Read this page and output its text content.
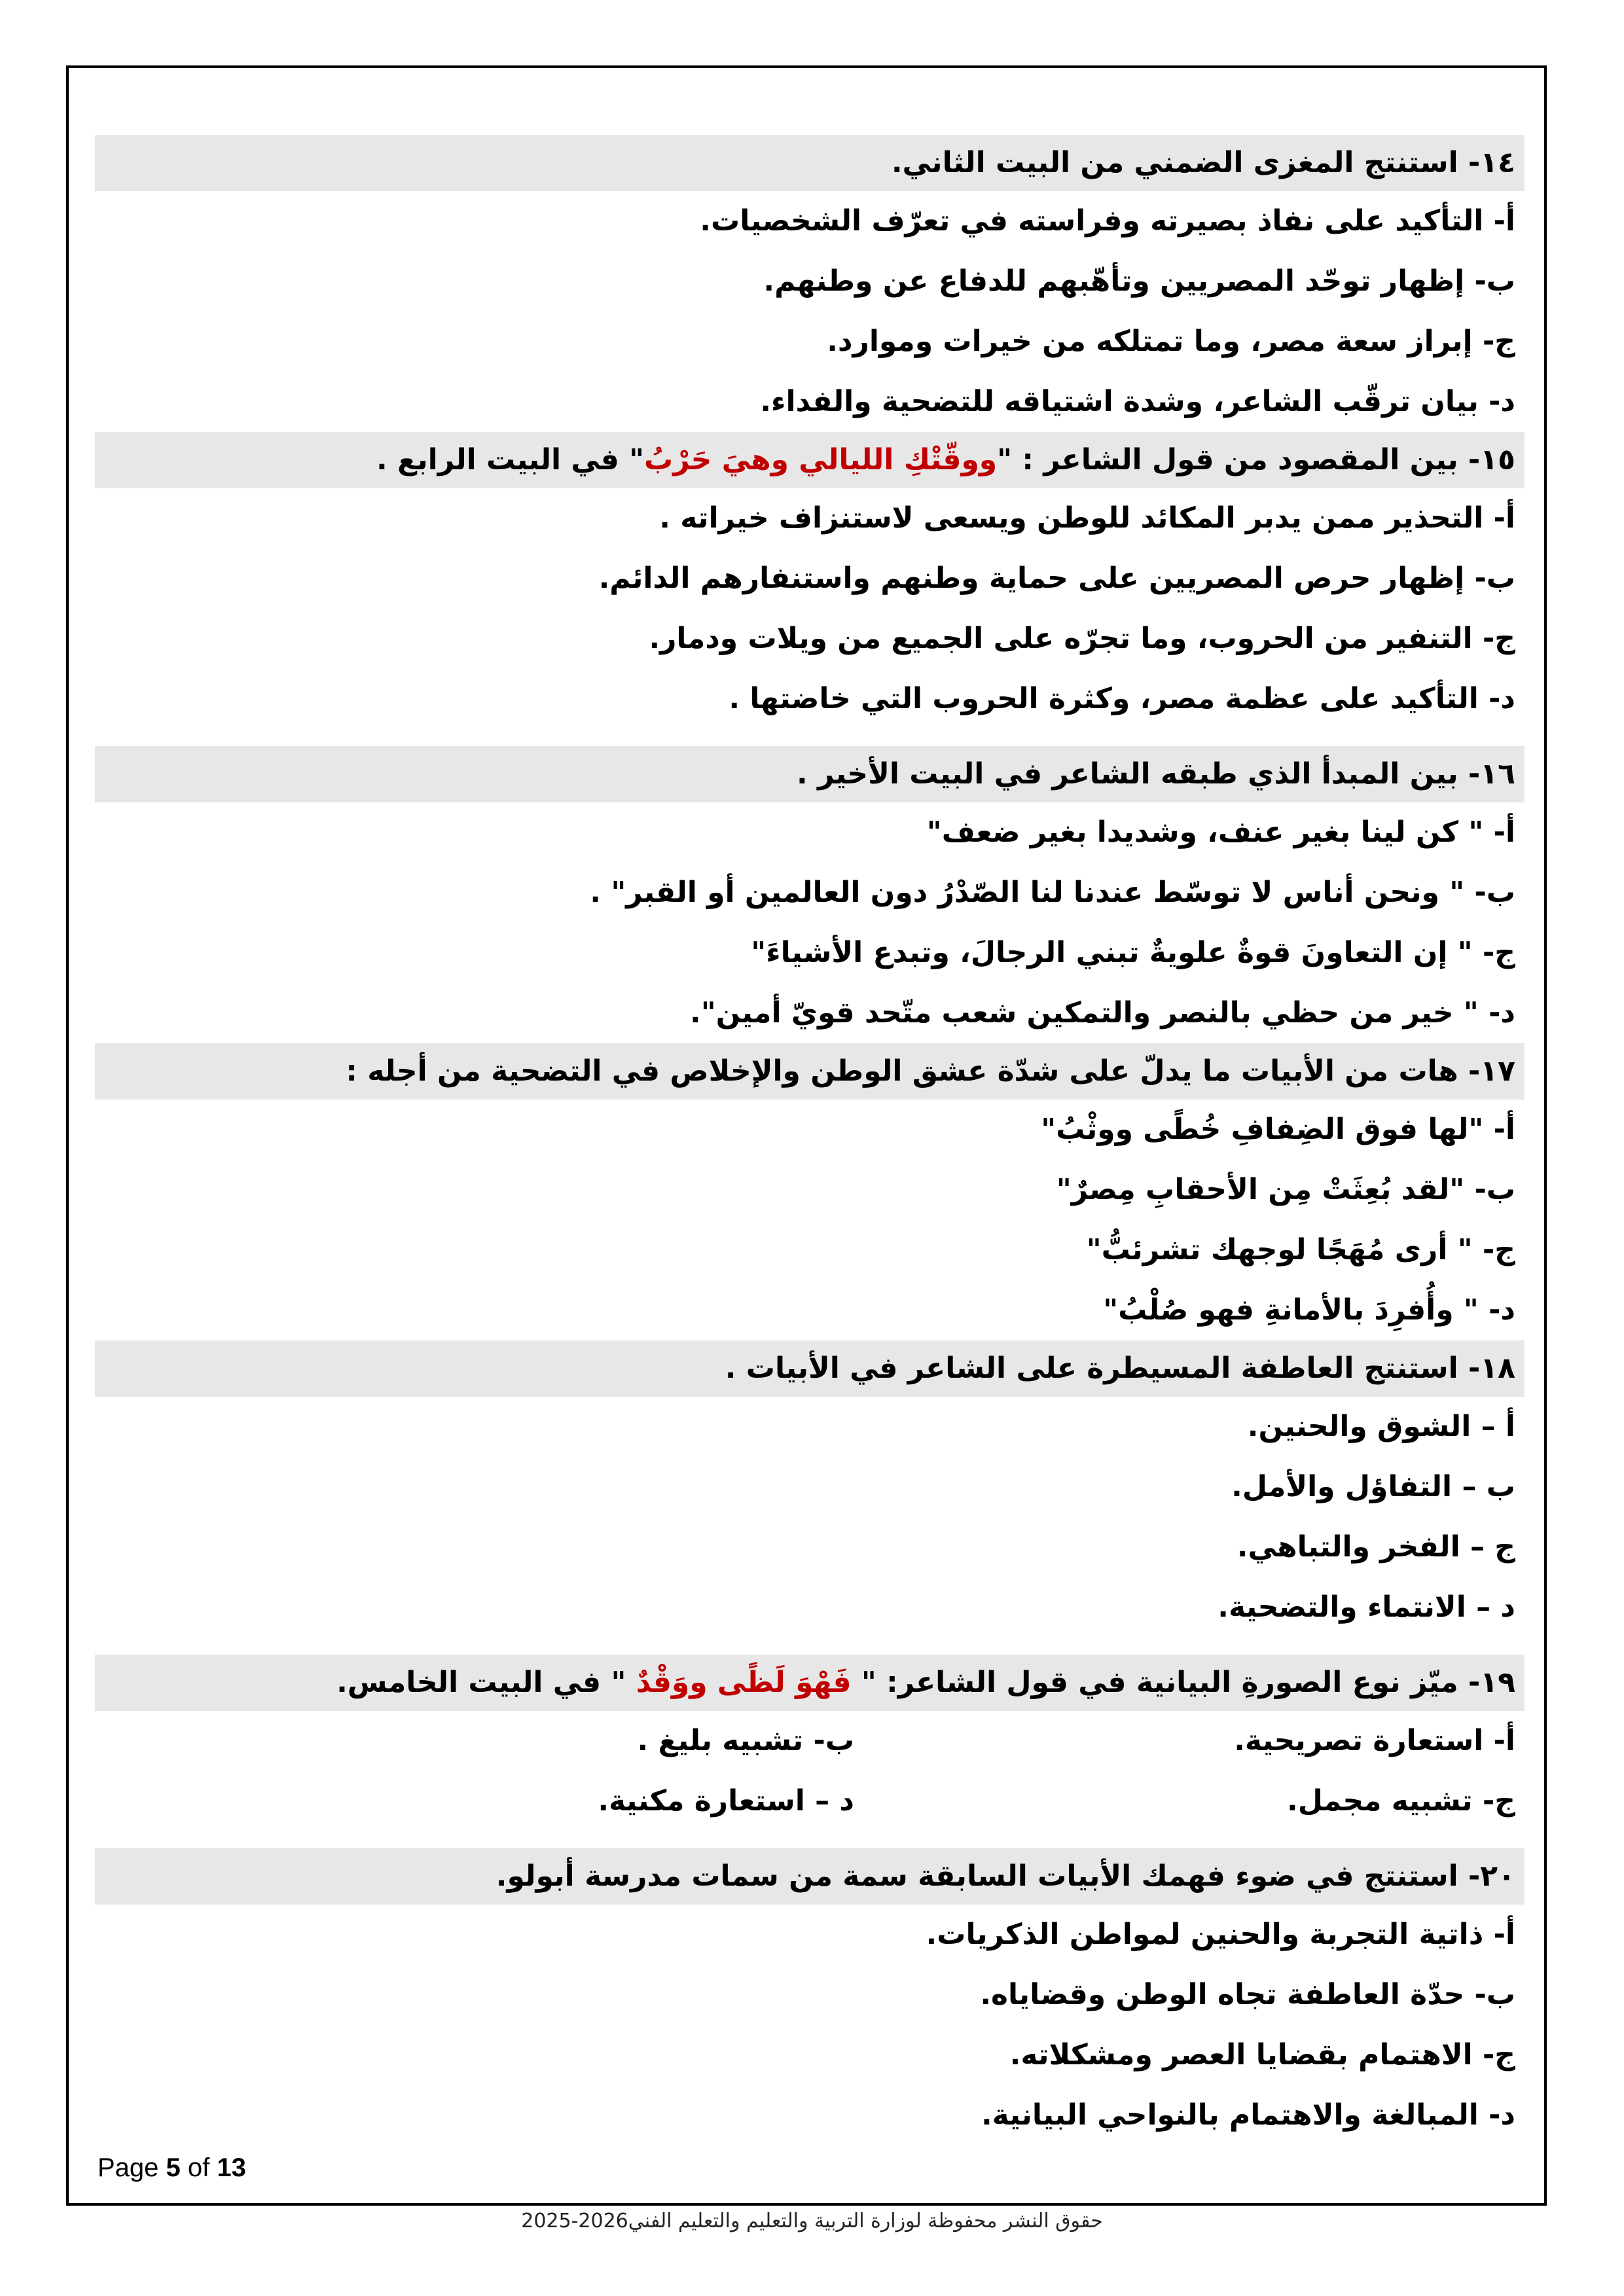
١٤- استنتج المغزى الضمني من البيت الثاني.
أ- التأكيد على نفاذ بصيرته وفراسته في تعرّف الشخصيات.
ب- إظهار توحّد المصريين وتأهّبهم للدفاع عن وطنهم.
ج- إبراز سعة مصر، وما تمتلكه من خيرات وموارد.
د- بيان ترقّب الشاعر، وشدة اشتياقه للتضحية والفداء.
١٥- بين المقصود من قول الشاعر : "ووقّتْكِ الليالي وهيَ حَرْبُ" في البيت الرابع .
أ- التحذير ممن يدبر المكائد للوطن ويسعى لاستنزاف خيراته .
ب- إظهار حرص المصريين على حماية وطنهم واستنفارهم الدائم.
ج- التنفير من الحروب، وما تجرّه على الجميع من ويلات ودمار.
د- التأكيد على عظمة مصر، وكثرة الحروب التي خاضتها .
١٦- بين المبدأ الذي طبقه الشاعر في البيت الأخير .
أ- " كن لينا بغير عنف، وشديدا بغير ضعف"
ب- " ونحن أناس لا توسّط عندنا لنا الصّدْرُ دون العالمين أو القبر" .
ج- " إن التعاونَ قوةٌ علويةٌ تبني الرجالَ، وتبدع الأشياءَ"
د- " خير من حظي بالنصر والتمكين شعب متّحد قويّ أمين".
١٧- هات من الأبيات ما يدلّ على شدّة عشق الوطن والإخلاص في التضحية من أجله :
أ- "لها فوق الضِفافِ خُطًى ووثْبُ"
ب- "لقد بُعِثَتْ مِن الأحقابِ مِصرٌ"
ج- " أرى مُهَجًا لوجهك تشرئبُّ"
د- " وأُفرِدَ بالأمانةِ فهو صُلْبُ"
١٨- استنتج العاطفة المسيطرة على الشاعر في الأبيات .
أ – الشوق والحنين.
ب – التفاؤل والأمل.
ج – الفخر والتباهي.
د – الانتماء والتضحية.
١٩- ميّز نوع الصورةِ البيانية في قول الشاعر: " فَهْوَ لَظًى ووَقْدٌ " في البيت الخامس.
أ- استعارة تصريحية.
ب- تشبيه بليغ .
ج- تشبيه مجمل.
د – استعارة مكنية.
٢٠- استنتج في ضوء فهمك الأبيات السابقة سمة من سمات مدرسة أبولو.
أ- ذاتية التجربة والحنين لمواطن الذكريات.
ب- حدّة العاطفة تجاه الوطن وقضاياه.
ج- الاهتمام بقضايا العصر ومشكلاته.
د- المبالغة والاهتمام بالنواحي البيانية.
Page 5 of 13
حقوق النشر محفوظة لوزارة التربية والتعليم والتعليم الفني2026-2025
